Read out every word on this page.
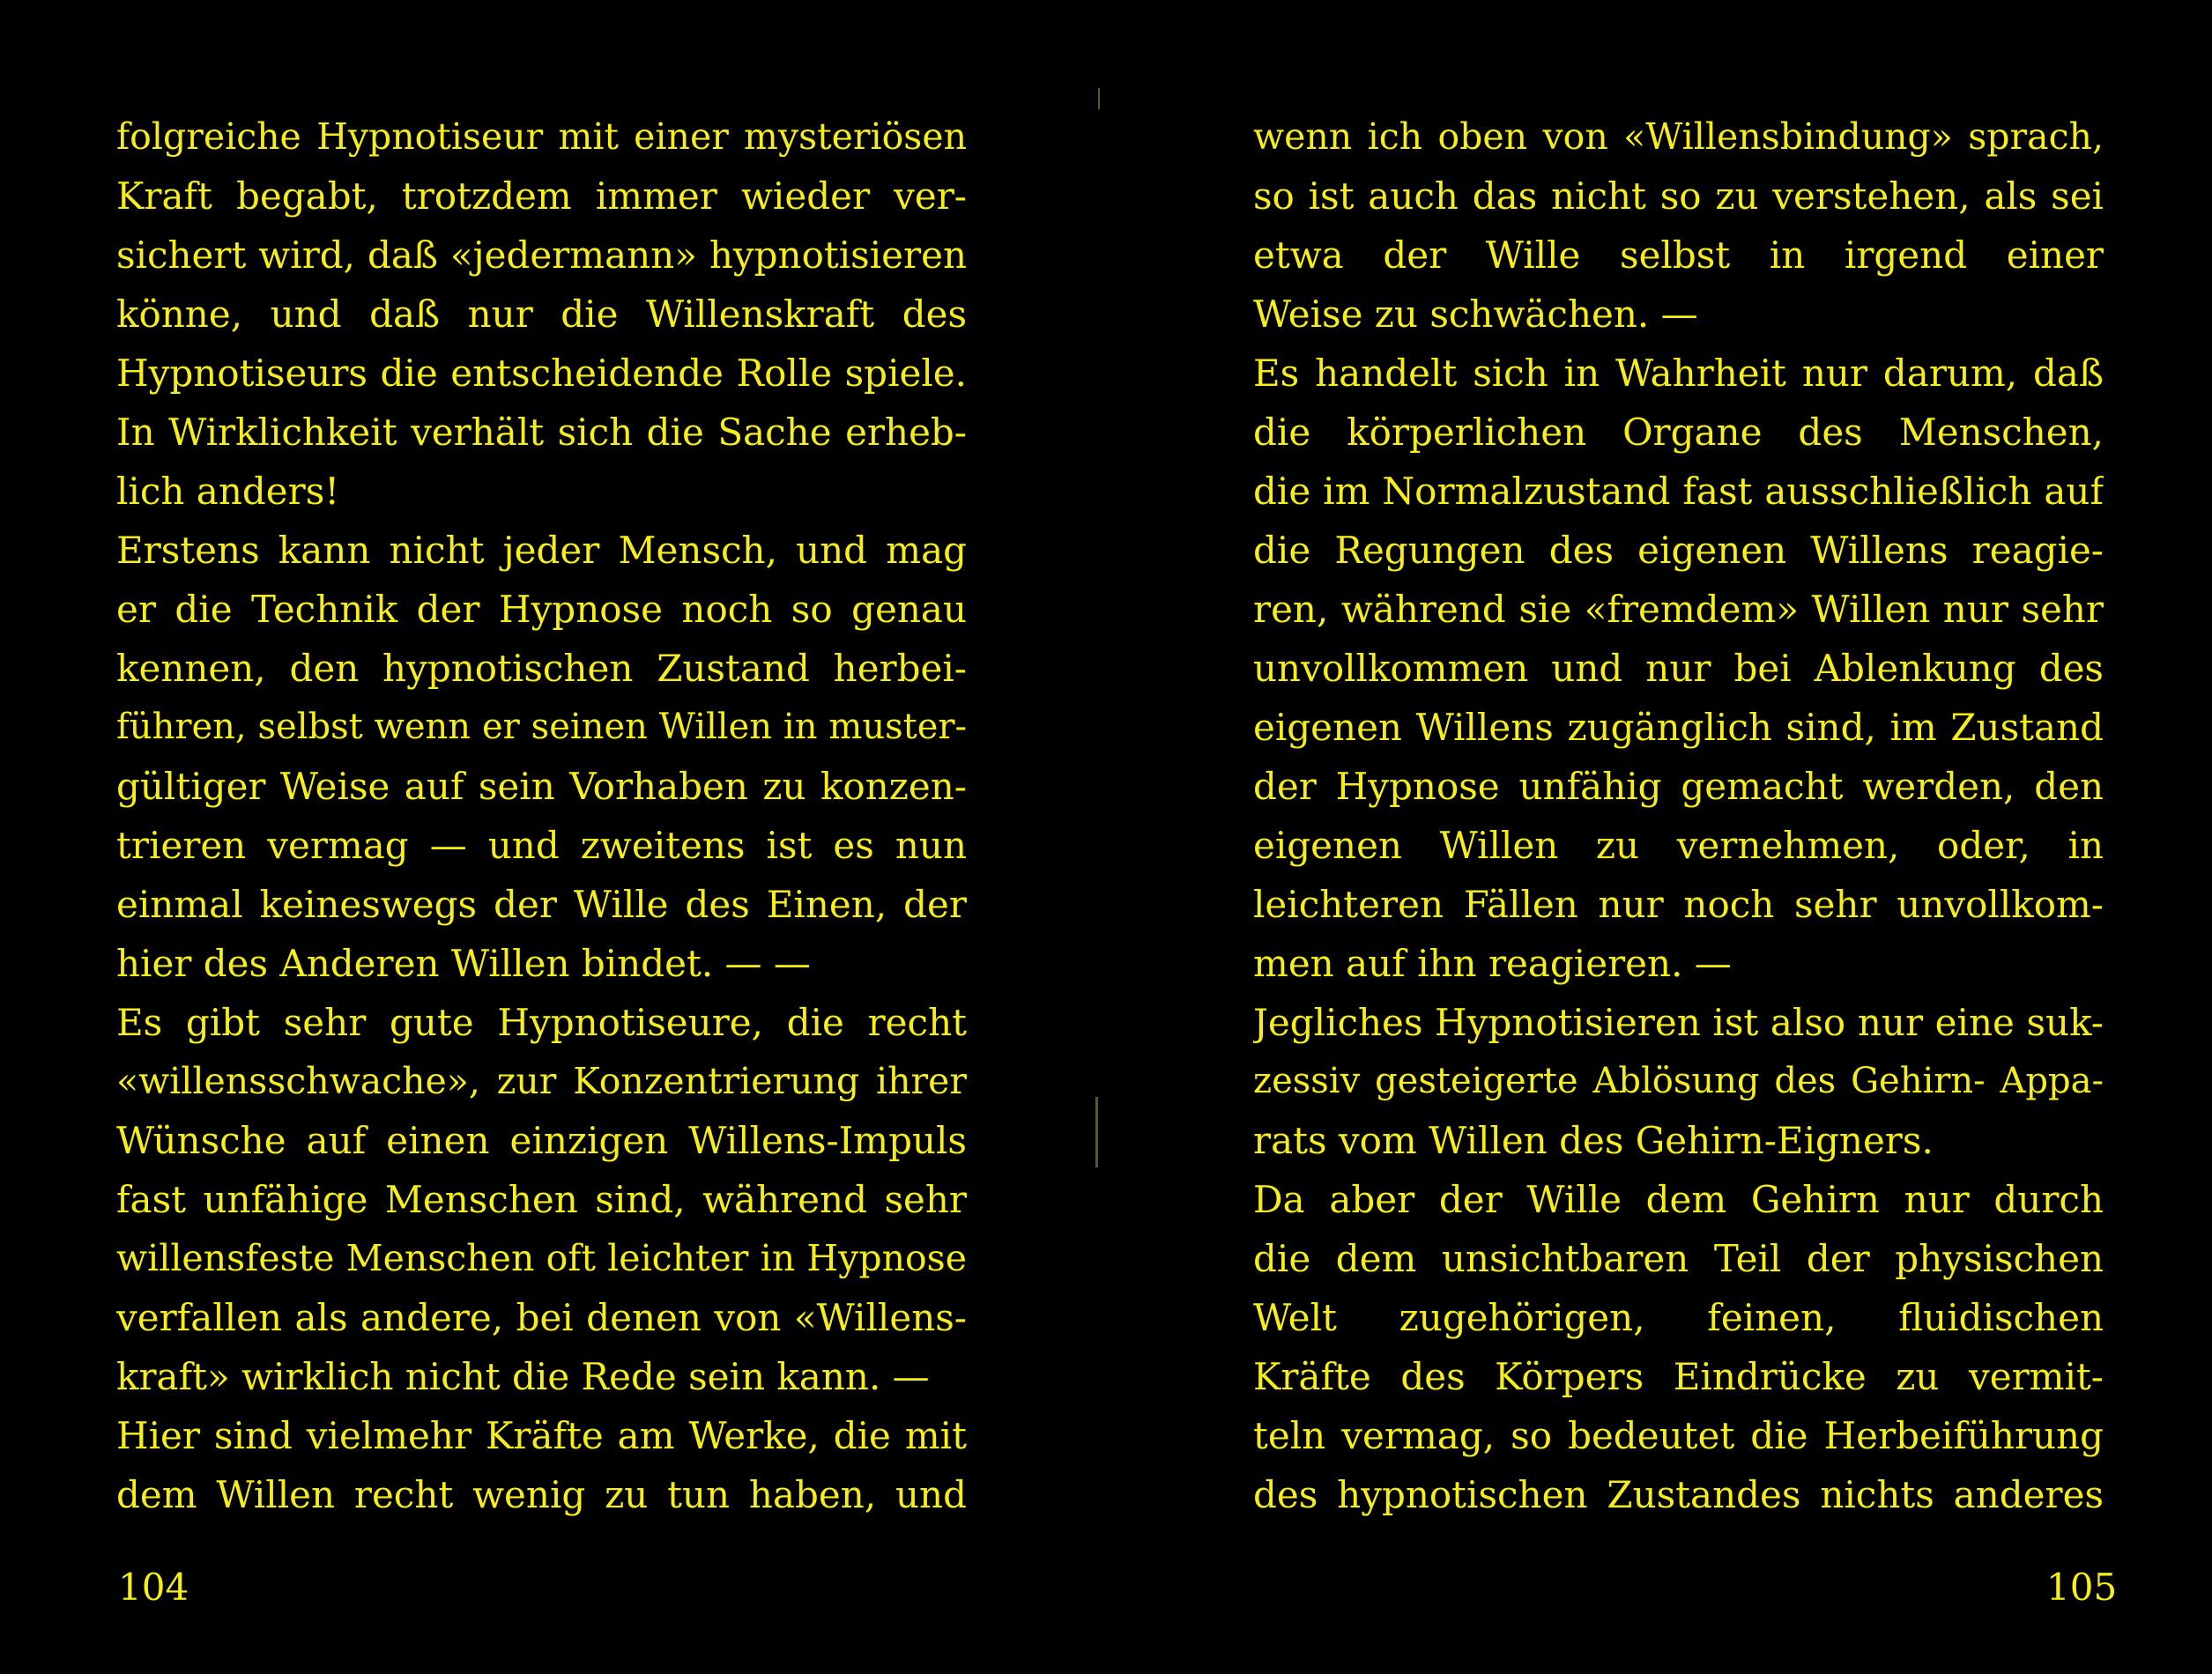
folgreiche Hypnotiseur mit einer mysteriösen
Kraft begabt, trotzdem immer wieder ver-
sichert wird, daß «jedermann» hypnotisieren
könne, und daß nur die Willenskraft des
Hypnotiseurs die entscheidende Rolle spiele.
In Wirklichkeit verhält sich die Sache erheb-
lich anders!
Erstens kann nicht jeder Mensch, und mag
er die Technik der Hypnose noch so genau
kennen, den hypnotischen Zustand herbei-
führen, selbst wenn er seinen Willen in muster-
gültiger Weise auf sein Vorhaben zu konzen-
trieren vermag — und zweitens ist es nun
einmal keineswegs der Wille des Einen, der
hier des Anderen Willen bindet. — —
Es gibt sehr gute Hypnotiseure, die recht
«willensschwache», zur Konzentrierung ihrer
Wünsche auf einen einzigen Willens-Impuls
fast unfähige Menschen sind, während sehr
willensfeste Menschen oft leichter in Hypnose
verfallen als andere, bei denen von «Willens-
kraft» wirklich nicht die Rede sein kann. —
Hier sind vielmehr Kräfte am Werke, die mit
dem Willen recht wenig zu tun haben, und
wenn ich oben von «Willensbindung» sprach,
so ist auch das nicht so zu verstehen, als sei
etwa der Wille selbst in irgend einer
Weise zu schwächen. —
Es handelt sich in Wahrheit nur darum, daß
die körperlichen Organe des Menschen,
die im Normalzustand fast ausschließlich auf
die Regungen des eigenen Willens reagie-
ren, während sie «fremdem» Willen nur sehr
unvollkommen und nur bei Ablenkung des
eigenen Willens zugänglich sind, im Zustand
der Hypnose unfähig gemacht werden, den
eigenen Willen zu vernehmen, oder, in
leichteren Fällen nur noch sehr unvollkom-
men auf ihn reagieren. —
Jegliches Hypnotisieren ist also nur eine suk-
zessiv gesteigerte Ablösung des Gehirn- Appa-
rats vom Willen des Gehirn-Eigners.
Da aber der Wille dem Gehirn nur durch
die dem unsichtbaren Teil der physischen
Welt zugehörigen, feinen, fluidischen
Kräfte des Körpers Eindrücke zu vermit-
teln vermag, so bedeutet die Herbeiführung
des hypnotischen Zustandes nichts anderes
104	105
